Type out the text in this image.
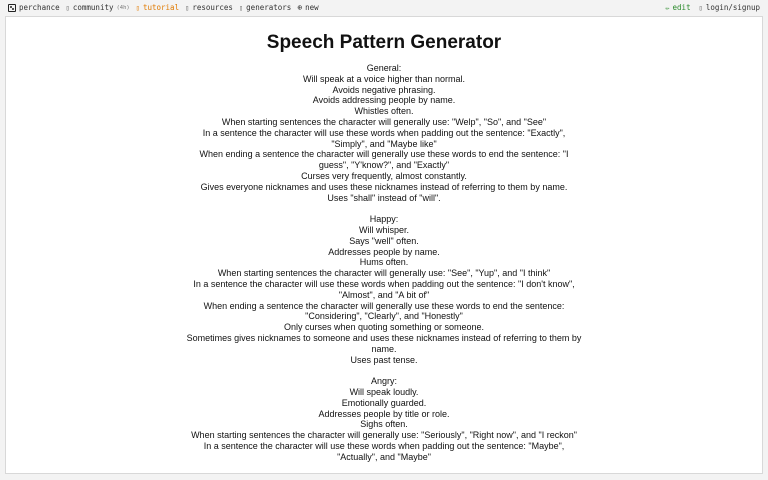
perchance ▯ community (4h) ▯ tutorial ▯ resources ▯ generators ⊕ new	✏ edit ▯ login/signup
Speech Pattern Generator

General:

Will speak at a voice higher than normal.

Avoids negative phrasing.

Avoids addressing people by name.

Whistles often.

When starting sentences the character will generally use: "Welp", "So", and "See"

In a sentence the character will use these words when padding out the sentence: "Exactly", "Simply", and "Maybe like"

When ending a sentence the character will generally use these words to end the sentence: "I guess", "Y'know?", and "Exactly"

Curses very frequently, almost constantly.

Gives everyone nicknames and uses these nicknames instead of referring to them by name.

Uses "shall" instead of "will".

Happy:

Will whisper.

Says "well" often.

Addresses people by name.

Hums often.

When starting sentences the character will generally use: "See", "Yup", and "I think"

In a sentence the character will use these words when padding out the sentence: "I don't know", "Almost", and "A bit of"

When ending a sentence the character will generally use these words to end the sentence: "Considering", "Clearly", and "Honestly"

Only curses when quoting something or someone.

Sometimes gives nicknames to someone and uses these nicknames instead of referring to them by name.

Uses past tense.

Angry:

Will speak loudly.

Emotionally guarded.

Addresses people by title or role.

Sighs often.

When starting sentences the character will generally use: "Seriously", "Right now", and "I reckon"

In a sentence the character will use these words when padding out the sentence: "Maybe", "Actually", and "Maybe"
